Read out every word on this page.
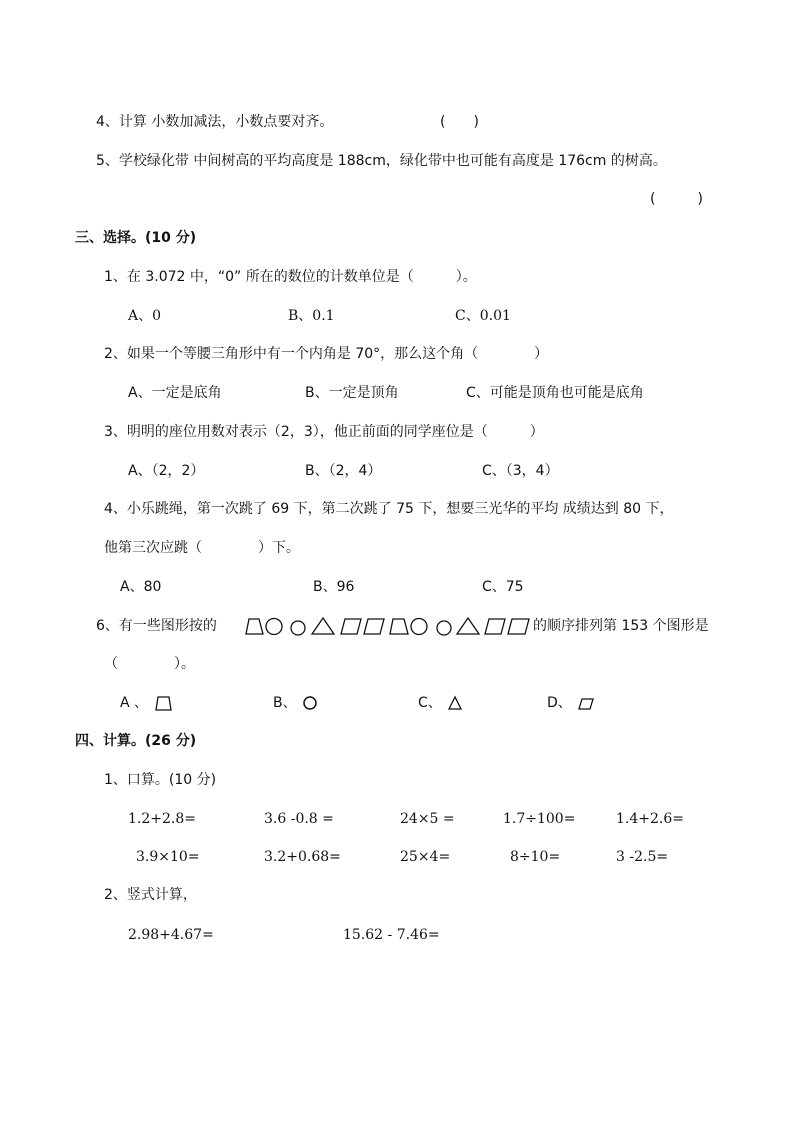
4、计算 小数加减法，小数点要对齐。	(　　)
5、学校绿化带 中间树高的平均高度是 188cm，绿化带中也可能有高度是 176cm 的树高。
(　　　)
三、选择。(10 分)
1、在 3.072 中，“0” 所在的数位的计数单位是（　　　）。
A、0	B、0.1	C、0.01
2、如果一个等腰三角形中有一个内角是 70°，那么这个角（　　　　）
A、一定是底角	B、一定是顶角	C、可能是顶角也可能是底角
3、明明的座位用数对表示（2，3），他正前面的同学座位是（　　　）
A、（2，2）	B、（2，4）	C、（3，4）
4、小乐跳绳，第一次跳了 69 下，第二次跳了 75 下，想要三光华的平均 成绩达到 80 下，
他第三次应跳（　　　　）下。
A、80	B、96	C、75
6、有一些图形按的	的顺序排列第 153 个图形是
（　　　　）。
A 、	B、	C、	D、
四、计算。(26 分)
1、口算。(10 分)
1.2+2.8=	3.6 -0.8 =	24×5 =	1.7÷100=	1.4+2.6=
3.9×10=	3.2+0.68=	25×4=	8÷10=	3 -2.5=
2、竖式计算，
2.98+4.67=	15.62 - 7.46=
